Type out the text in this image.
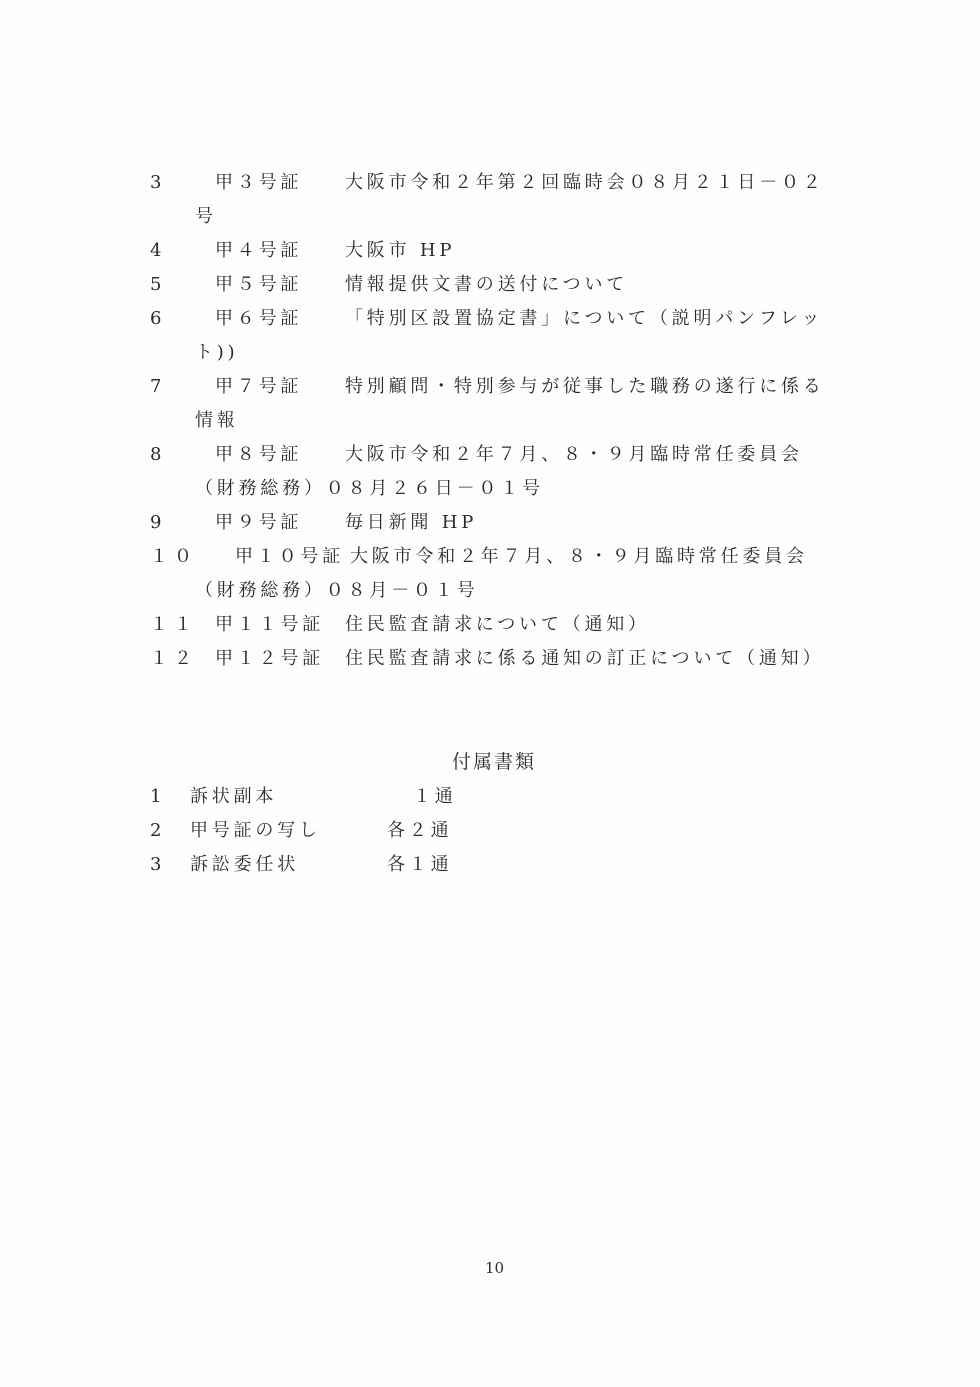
3	甲３号証 大阪市令和２年第２回臨時会０８月２１日－０２
号
4	甲４号証 大阪市 HP
5	甲５号証 情報提供文書の送付について
6	甲６号証 「特別区設置協定書」について（説明パンフレッ
ト))
7	甲７号証 特別顧問・特別参与が従事した職務の遂行に係る
情報
8	甲８号証 大阪市令和２年７月、８・９月臨時常任委員会
（財務総務）０８月２６日－０１号
9	甲９号証 毎日新聞 HP
１０ 甲１０号証 大阪市令和２年７月、８・９月臨時常任委員会
（財務総務）０８月－０１号
１１ 甲１１号証 住民監査請求について（通知）
１２ 甲１２号証 住民監査請求に係る通知の訂正について（通知）
付属書類
1 訴状副本	１通
2 甲号証の写し	各２通
3 訴訟委任状	各１通
10
